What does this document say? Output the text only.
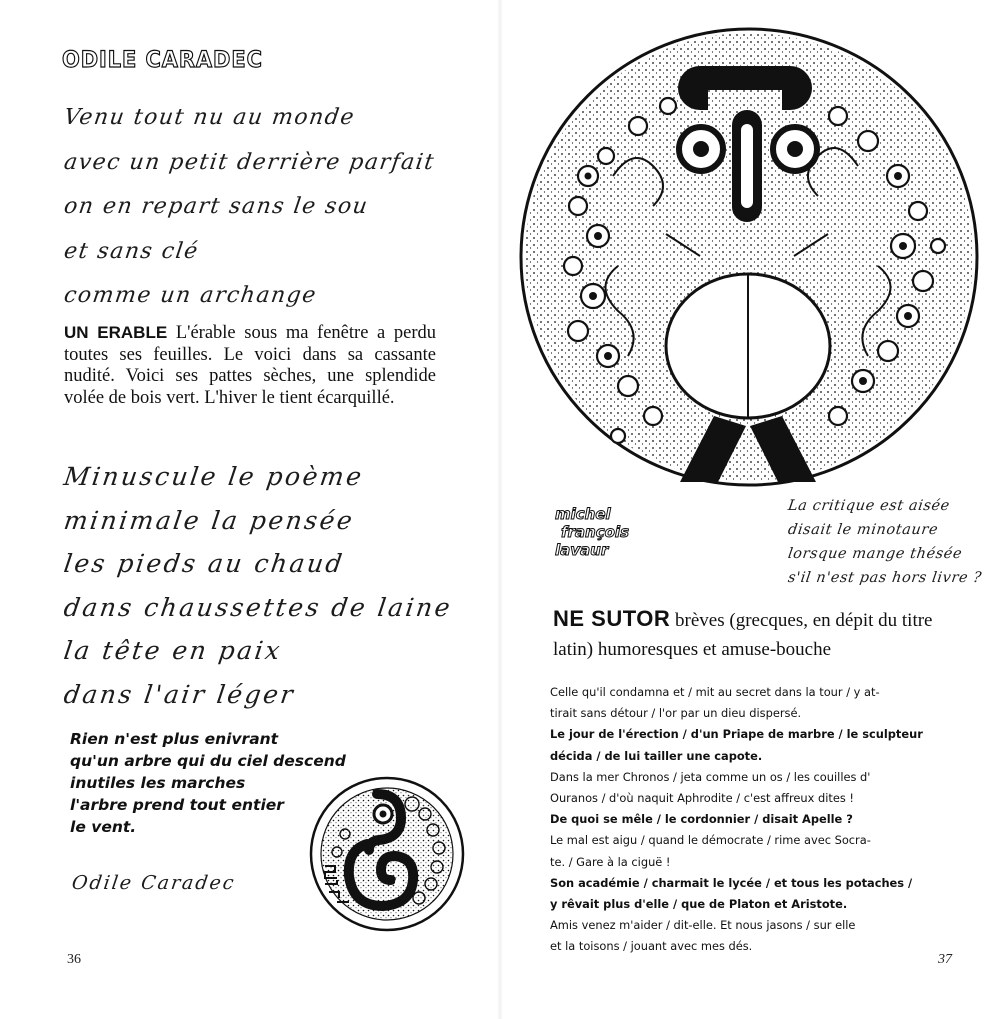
ODILE CARADEC
Venu tout nu au monde
avec un petit derrière parfait
on en repart sans le sou
et sans clé
comme un archange
UN ERABLE L'érable sous ma fenêtre a perdu toutes ses feuilles. Le voici dans sa cassante nudité. Voici ses pattes sèches, une splendide volée de bois vert. L'hiver le tient écarquillé.
Minuscule le poème
minimale la pensée
les pieds au chaud
dans chaussettes de laine
la tête en paix
dans l'air léger
Rien n'est plus enivrant
qu'un arbre qui du ciel descend
inutiles les marches
l'arbre prend tout entier
le vent.
Odile Caradec
36
michel
françois
lavaur
La critique est aisée
disait le minotaure
lorsque mange thésée
s'il n'est pas hors livre ?
NE SUTOR brèves (grecques, en dépit du titre latin) humoresques et amuse-bouche
Celle qu'il condamna et / mit au secret dans la tour / y at-
tirait sans détour / l'or par un dieu dispersé.
Le jour de l'érection / d'un Priape de marbre / le sculpteur
décida / de lui tailler une capote.
Dans la mer Chronos / jeta comme un os / les couilles d'
Ouranos / d'où naquit Aphrodite / c'est affreux dites !
De quoi se mêle / le cordonnier / disait Apelle ?
Le mal est aigu / quand le démocrate / rime avec Socra-
te. / Gare à la ciguë !
Son académie / charmait le lycée / et tous les potaches /
y rêvait plus d'elle / que de Platon et Aristote.
Amis venez m'aider / dit-elle. Et nous jasons / sur elle
et la toisons / jouant avec mes dés.
37
